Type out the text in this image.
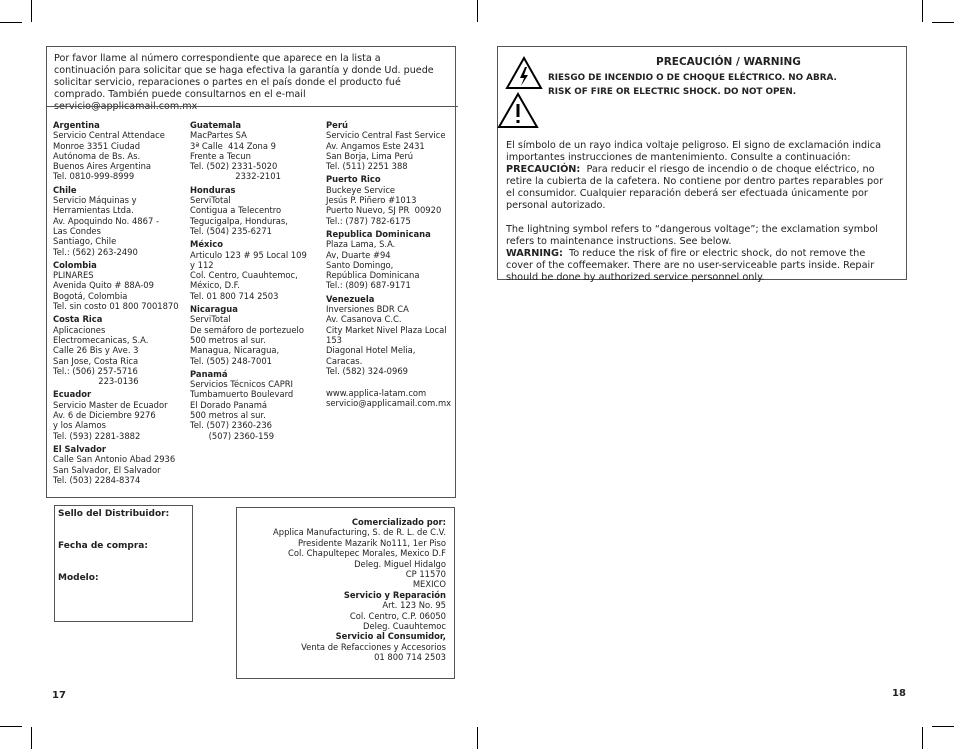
Por favor llame al número correspondiente que aparece en la lista a continuación para solicitar que se haga efectiva la garantía y donde Ud. puede solicitar servicio, reparaciones o partes en el país donde el producto fué comprado. También puede consultarnos en el e-mail
Argentina
Servicio Central Attendace
Monroe 3351 Ciudad
Autónoma de Bs. As.
Buenos Aires Argentina
Tel. 0810-999-8999
Chile
Servicio Máquinas y
Herramientas Ltda.
Av. Apoquindo No. 4867 -
Las Condes
Santiago, Chile
Tel.: (562) 263-2490
Colombia
PLINARES
Avenida Quito # 88A-09
Bogotá, Colombia
Tel. sin costo 01 800 7001870
Costa Rica
Aplicaciones
Electromecanicas, S.A.
Calle 26 Bis y Ave. 3
San Jose, Costa Rica
Tel.: (506) 257-5716
223-0136
Ecuador
Servicio Master de Ecuador
Av. 6 de Diciembre 9276
y los Alamos
Tel. (593) 2281-3882
El Salvador
Calle San Antonio Abad 2936
San Salvador, El Salvador
Tel. (503) 2284-8374
Guatemala
MacPartes SA
3ª Calle  414 Zona 9
Frente a Tecun
Tel. (502) 2331-5020
2332-2101
Honduras
ServiTotal
Contigua a Telecentro
Tegucigalpa, Honduras,
Tel. (504) 235-6271
México
Articulo 123 # 95 Local 109
y 112
Col. Centro, Cuauhtemoc,
México, D.F.
Tel. 01 800 714 2503
Nicaragua
ServiTotal
De semáforo de portezuelo
500 metros al sur.
Managua, Nicaragua,
Tel. (505) 248-7001
Panamá
Servicios Técnicos CAPRI
Tumbamuerto Boulevard
El Dorado Panamá
500 metros al sur.
Tel. (507) 2360-236
(507) 2360-159
Perú
Servicio Central Fast Service
Av. Angamos Este 2431
San Borja, Lima Perú
Tel. (511) 2251 388
Puerto Rico
Buckeye Service
Jesús P. Piñero #1013
Puerto Nuevo, SJ PR  00920
Tel.: (787) 782-6175
Republica Dominicana
Plaza Lama, S.A.
Av, Duarte #94
Santo Domingo,
República Dominicana
Tel.: (809) 687-9171
Venezuela
Inversiones BDR CA
Av. Casanova C.C.
City Market Nivel Plaza Local
153
Diagonal Hotel Melia,
Caracas.
Tel. (582) 324-0969
www.applica-latam.com
servicio@applicamail.com.mx
Sello del Distribuidor:
Fecha de compra:
Modelo:
Comercializado por:
Applica Manufacturing, S. de R. L. de C.V.
Presidente Mazarik No111, 1er Piso
Col. Chapultepec Morales, Mexico D.F
Deleg. Miguel Hidalgo
CP 11570
MEXICO
Servicio y Reparación
Art. 123 No. 95
Col. Centro, C.P. 06050
Deleg. Cuauhtemoc
Servicio al Consumidor,
Venta de Refacciones y Accesorios
01 800 714 2503
17
PRECAUCIÓN / WARNING
RIESGO DE INCENDIO O DE CHOQUE ELÉCTRICO. NO ABRA.
RISK OF FIRE OR ELECTRIC SHOCK. DO NOT OPEN.

El símbolo de un rayo indica voltaje peligroso. El signo de exclamación indica importantes instrucciones de mantenimiento. Consulte a continuación:
PRECAUCIÓN: Para reducir el riesgo de incendio o de choque eléctrico, no retire la cubierta de la cafetera. No contiene por dentro partes reparables por el consumidor. Cualquier reparación deberá ser efectuada únicamente por personal autorizado.

The lightning symbol refers to “dangerous voltage”; the exclamation symbol refers to maintenance instructions. See below.
WARNING: To reduce the risk of fire or electric shock, do not remove the cover of the coffeemaker. There are no user-serviceable parts inside. Repair should be done by authorized service personnel only.

18
